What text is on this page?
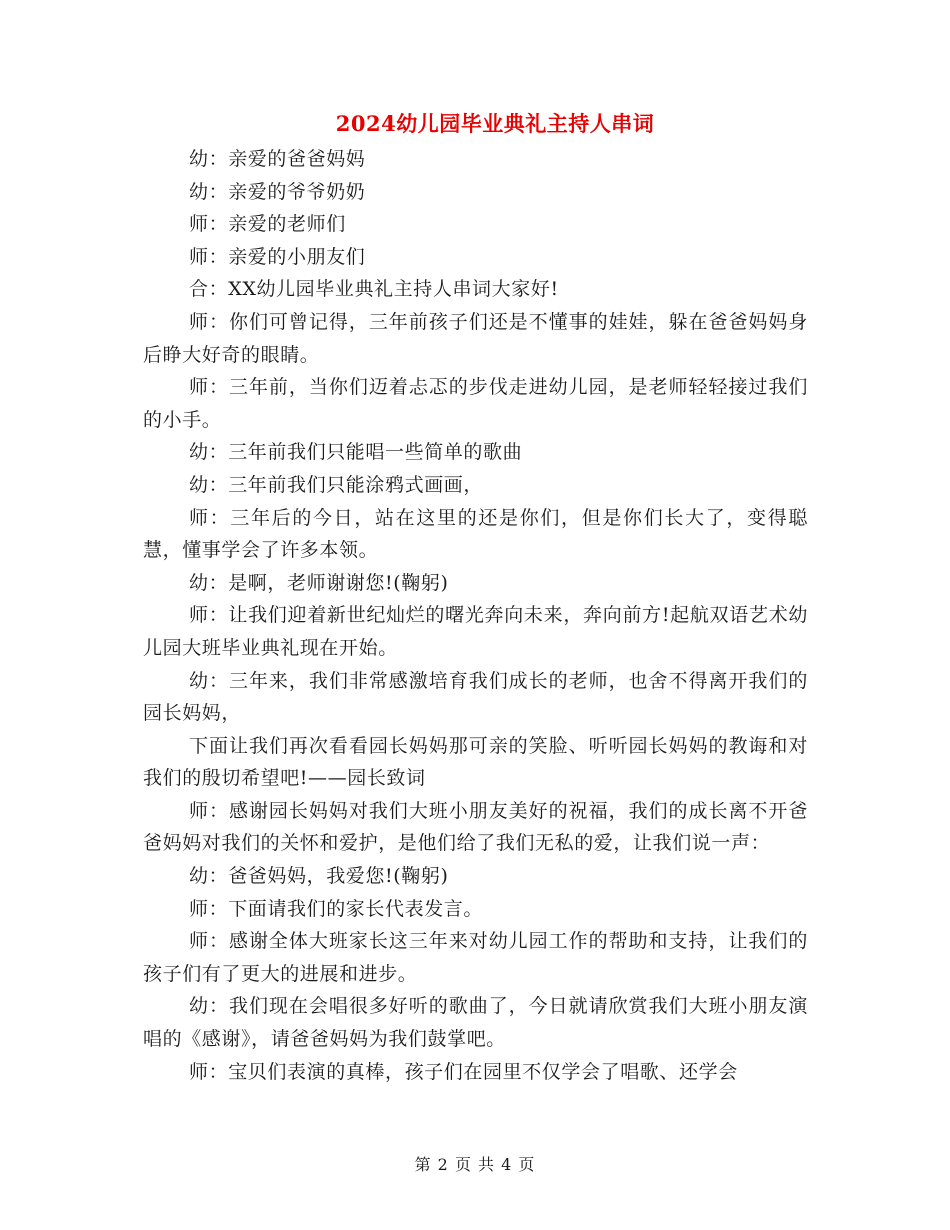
2024幼儿园毕业典礼主持人串词

幼：亲爱的爸爸妈妈

幼：亲爱的爷爷奶奶

师：亲爱的老师们

师：亲爱的小朋友们

合：XX幼儿园毕业典礼主持人串词大家好!

师：你们可曾记得，三年前孩子们还是不懂事的娃娃，躲在爸爸妈妈身后睁大好奇的眼睛。

师：三年前，当你们迈着忐忑的步伐走进幼儿园，是老师轻轻接过我们的小手。

幼：三年前我们只能唱一些简单的歌曲

幼：三年前我们只能涂鸦式画画，

师：三年后的今日，站在这里的还是你们，但是你们长大了，变得聪慧，懂事学会了许多本领。

幼：是啊，老师谢谢您!(鞠躬)

师：让我们迎着新世纪灿烂的曙光奔向未来，奔向前方!起航双语艺术幼儿园大班毕业典礼现在开始。

幼：三年来，我们非常感激培育我们成长的老师，也舍不得离开我们的园长妈妈，

下面让我们再次看看园长妈妈那可亲的笑脸、听听园长妈妈的教诲和对我们的殷切希望吧!——园长致词

师：感谢园长妈妈对我们大班小朋友美好的祝福，我们的成长离不开爸爸妈妈对我们的关怀和爱护，是他们给了我们无私的爱，让我们说一声：

幼：爸爸妈妈，我爱您!(鞠躬)

师：下面请我们的家长代表发言。

师：感谢全体大班家长这三年来对幼儿园工作的帮助和支持，让我们的孩子们有了更大的进展和进步。

幼：我们现在会唱很多好听的歌曲了，今日就请欣赏我们大班小朋友演唱的《感谢》，请爸爸妈妈为我们鼓掌吧。

师：宝贝们表演的真棒，孩子们在园里不仅学会了唱歌、还学会

第 2 页 共 4 页
